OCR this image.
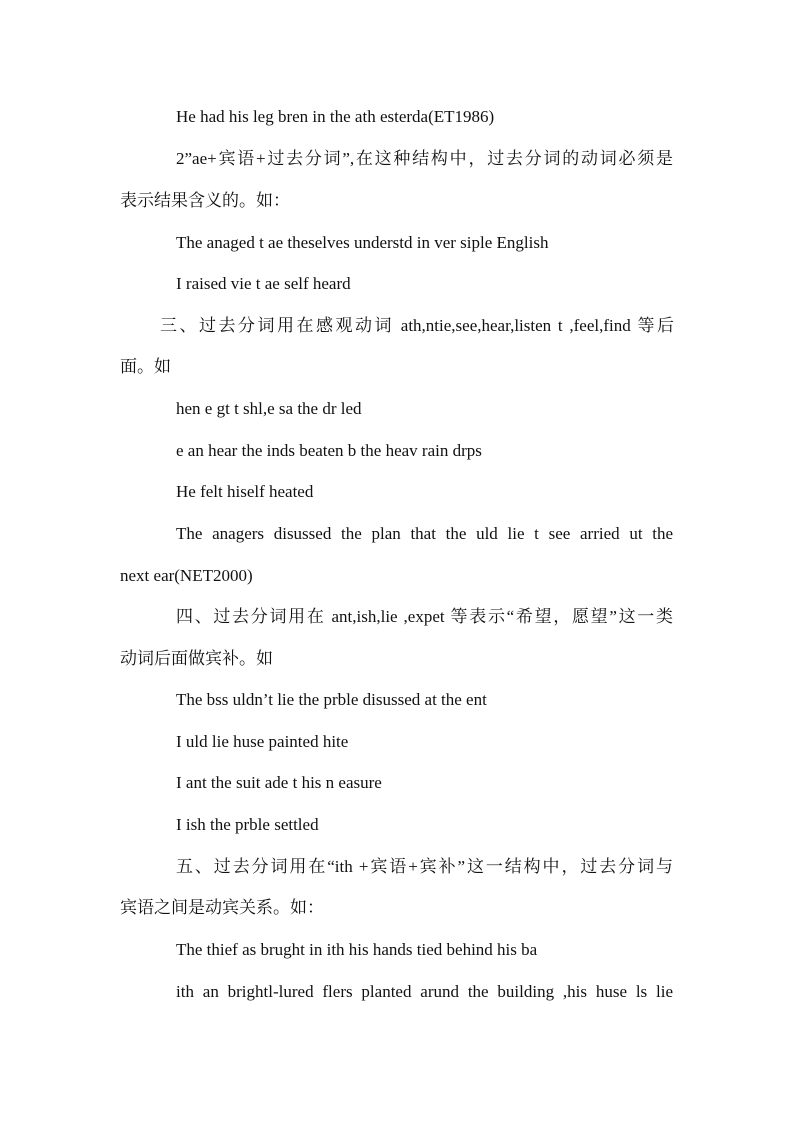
He had his leg bren in the ath esterda(ET1986)
2”ae+宾语+过去分词”,在这种结构中，过去分词的动词必须是
表示结果含义的。如：
The anaged t ae theselves understd in ver siple English
I raised vie t ae self heard
三、过去分词用在感观动词 ath,ntie,see,hear,listen t ,feel,find 等后
面。如
hen e gt t shl,e sa the dr led
e an hear the inds beaten b the heav rain drps
He felt hiself heated
The anagers disussed the plan that the uld lie t see arried ut the
next ear(NET2000)
四、过去分词用在 ant,ish,lie ,expet 等表示“希望，愿望”这一类
动词后面做宾补。如
The bss uldn’t lie the prble disussed at the ent
I uld lie huse painted hite
I ant the suit ade t his n easure
I ish the prble settled
五、过去分词用在“ith +宾语+宾补”这一结构中，过去分词与
宾语之间是动宾关系。如：
The thief as brught in ith his hands tied behind his ba
ith an brightl-lured flers planted arund the building ,his huse ls lie
